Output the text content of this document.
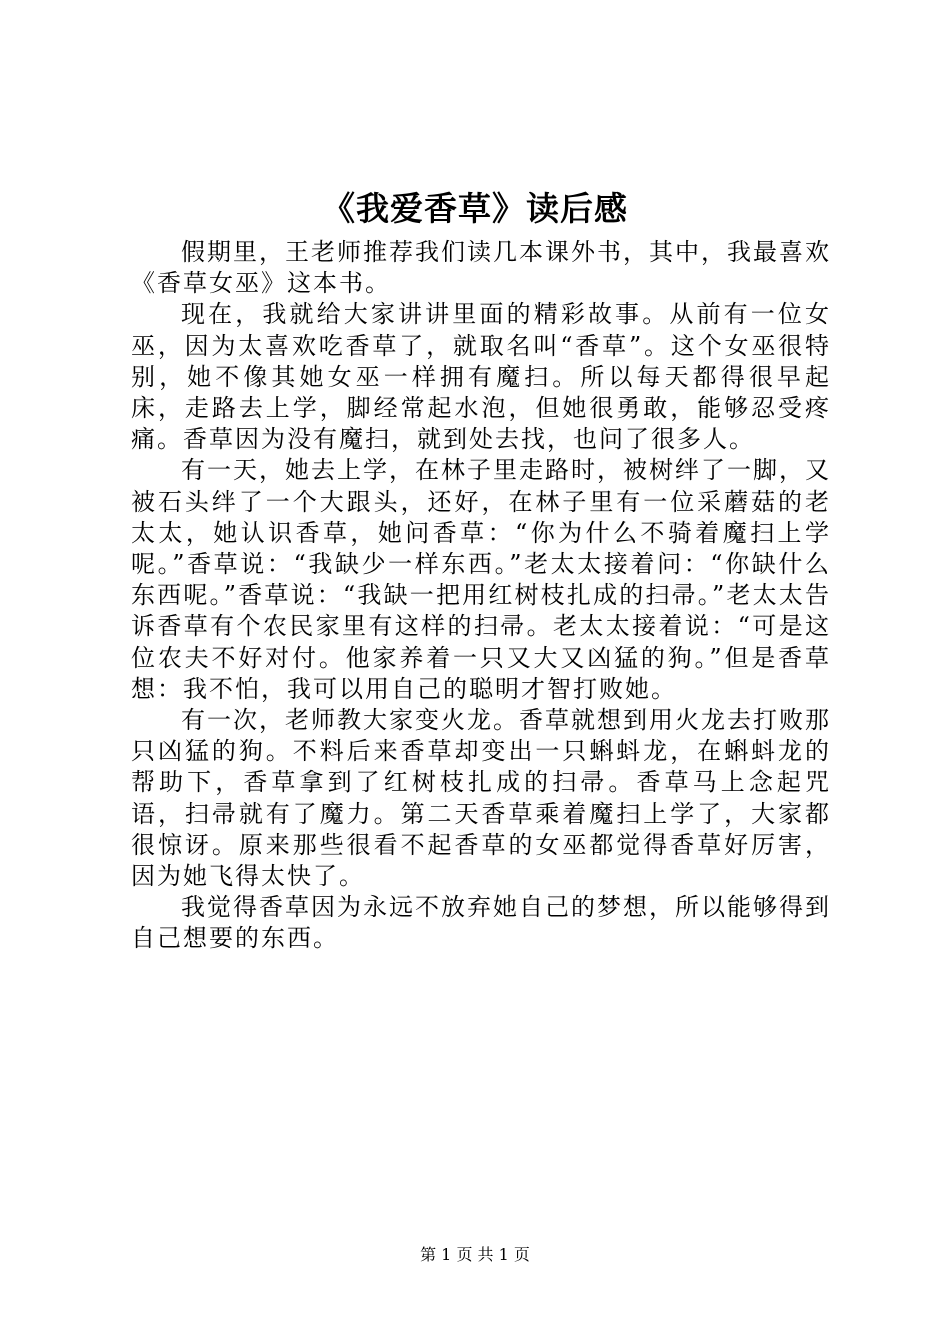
《我爱香草》读后感

假期里，王老师推荐我们读几本课外书，其中，我最喜欢《香草女巫》这本书。

现在，我就给大家讲讲里面的精彩故事。从前有一位女巫，因为太喜欢吃香草了，就取名叫“香草”。这个女巫很特别，她不像其她女巫一样拥有魔扫。所以每天都得很早起床，走路去上学，脚经常起水泡，但她很勇敢，能够忍受疼痛。香草因为没有魔扫，就到处去找，也问了很多人。

有一天，她去上学，在林子里走路时，被树绊了一脚，又被石头绊了一个大跟头，还好，在林子里有一位采蘑菇的老太太，她认识香草，她问香草：“你为什么不骑着魔扫上学呢。”香草说：“我缺少一样东西。”老太太接着问：“你缺什么东西呢。”香草说：“我缺一把用红树枝扎成的扫帚。”老太太告诉香草有个农民家里有这样的扫帚。老太太接着说：“可是这位农夫不好对付。他家养着一只又大又凶猛的狗。”但是香草想：我不怕，我可以用自己的聪明才智打败她。

有一次，老师教大家变火龙。香草就想到用火龙去打败那只凶猛的狗。不料后来香草却变出一只蝌蚪龙，在蝌蚪龙的帮助下，香草拿到了红树枝扎成的扫帚。香草马上念起咒语，扫帚就有了魔力。第二天香草乘着魔扫上学了，大家都很惊讶。原来那些很看不起香草的女巫都觉得香草好厉害，因为她飞得太快了。

我觉得香草因为永远不放弃她自己的梦想，所以能够得到自己想要的东西。

第 1 页 共 1 页
